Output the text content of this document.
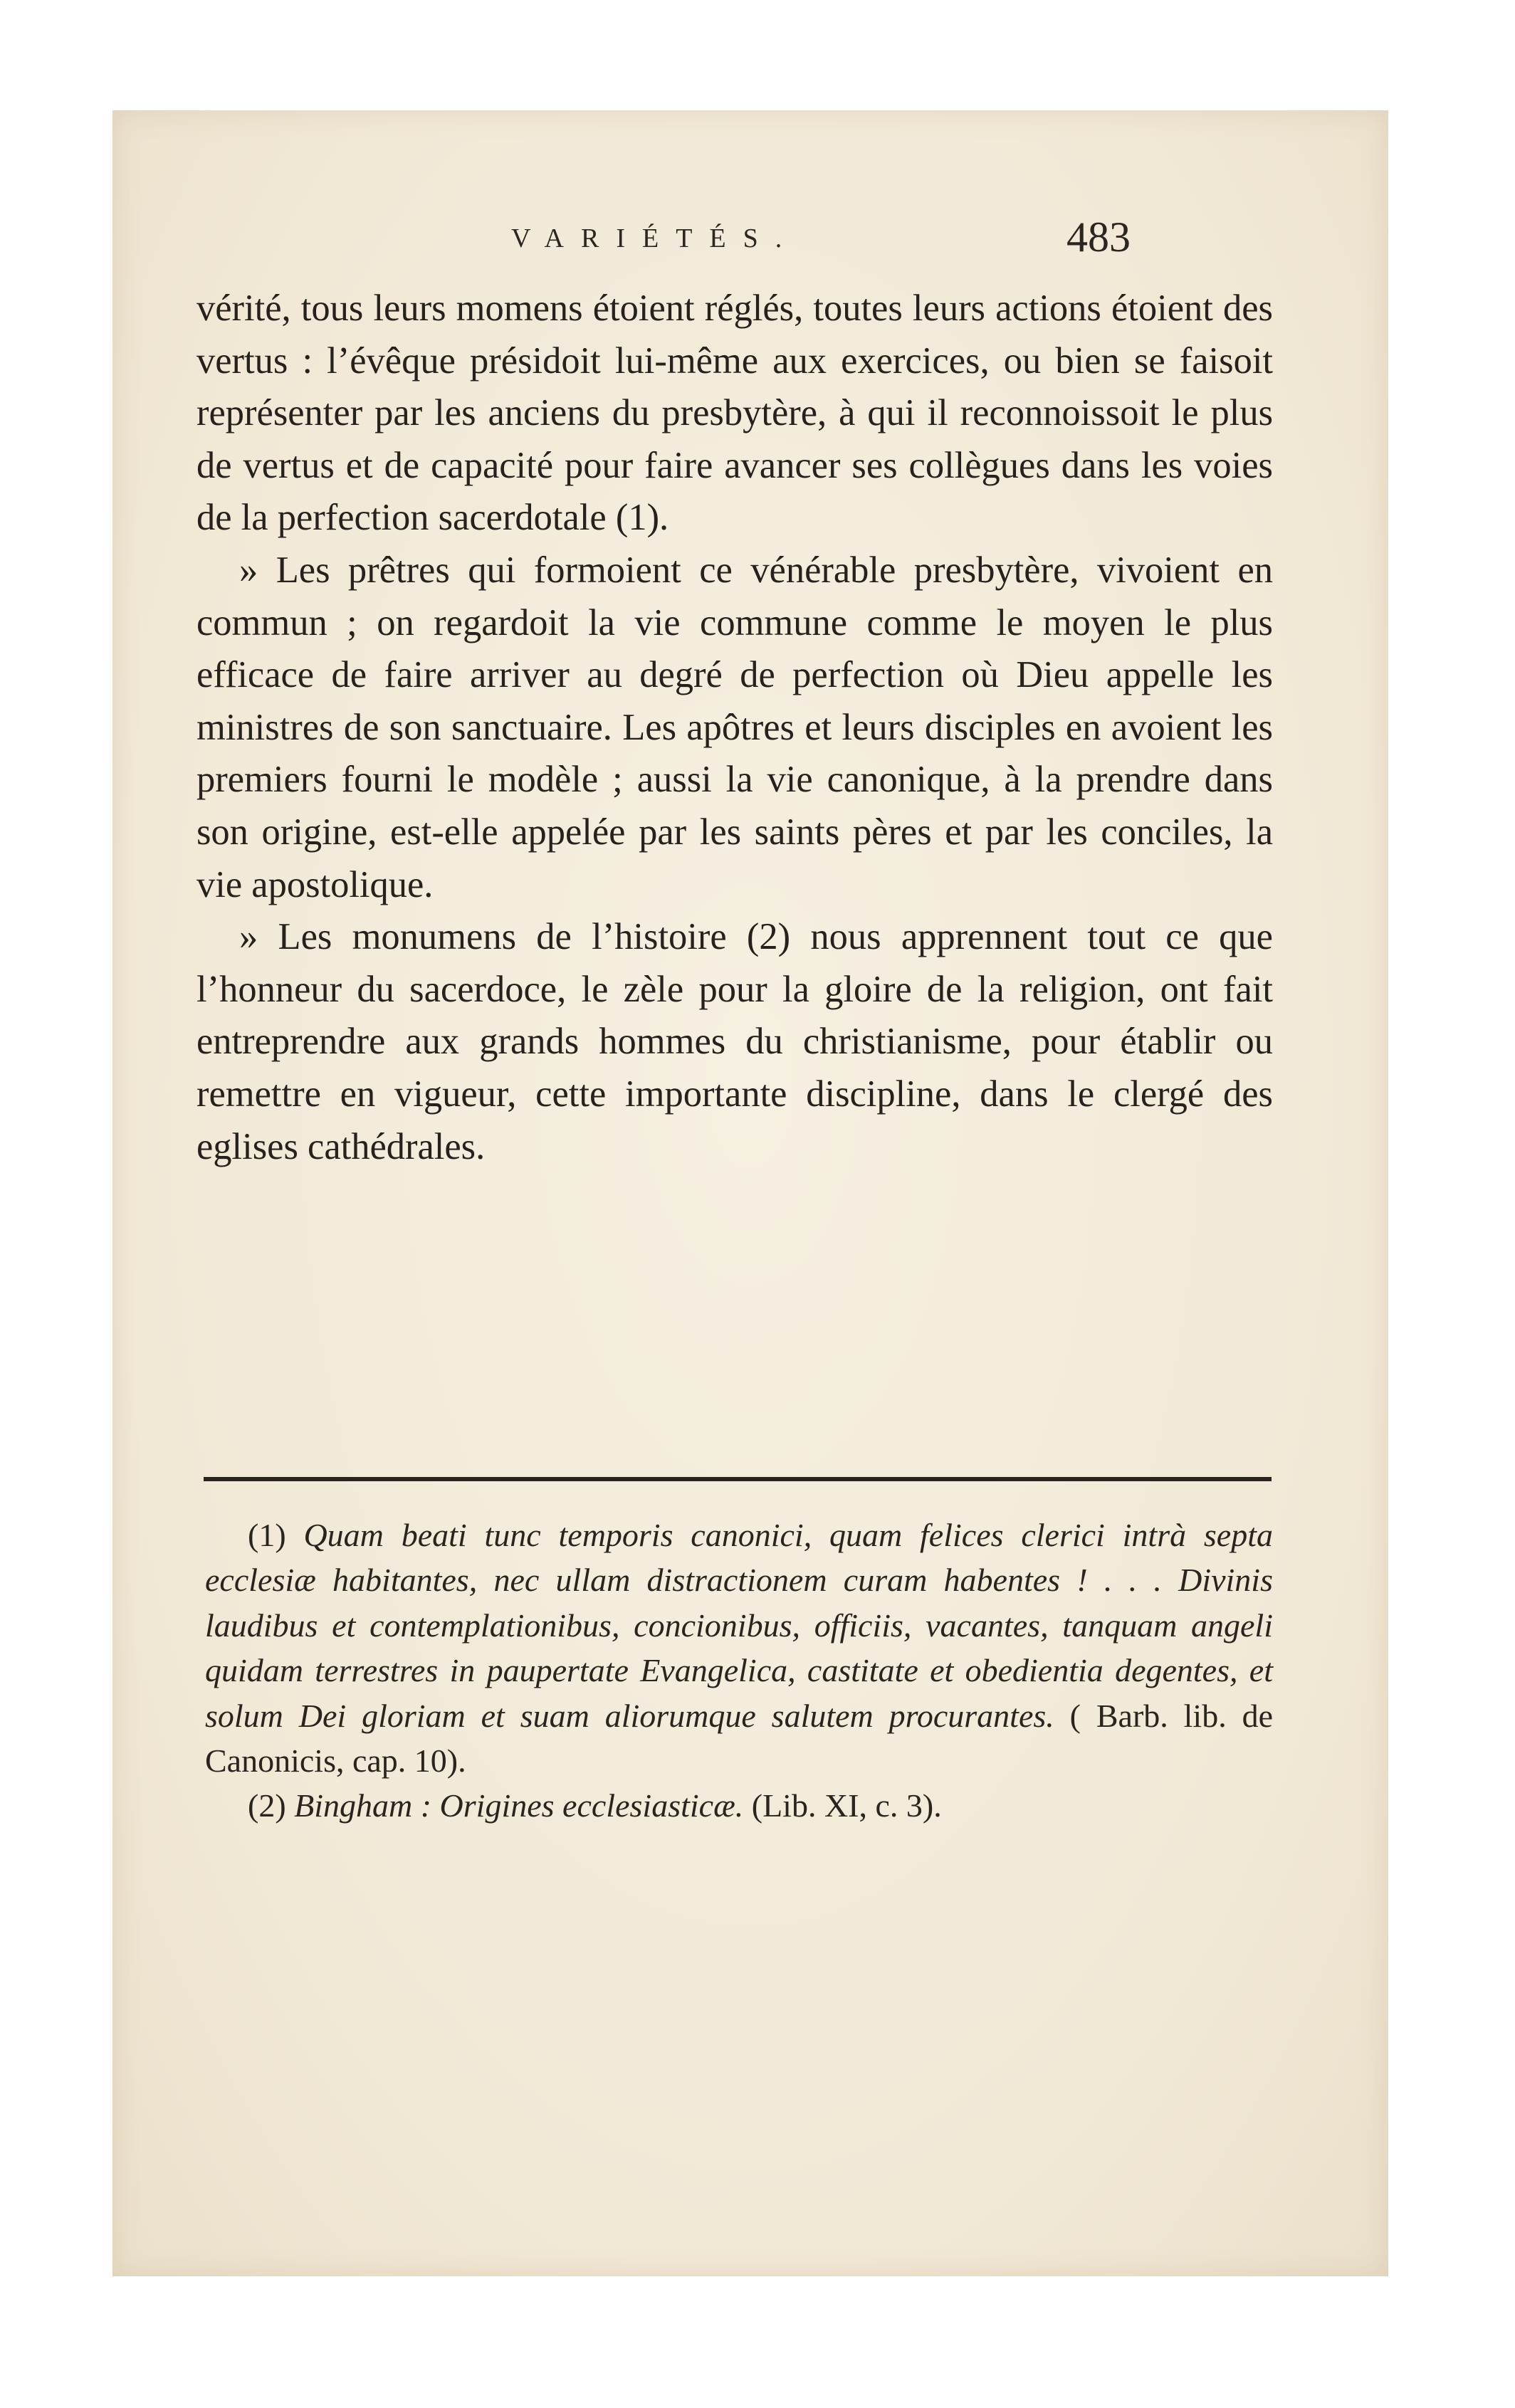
VARIÉTÉS.	483

vérité, tous leurs momens étoient réglés, toutes leurs actions étoient des vertus : l’évêque présidoit lui-même aux exercices, ou bien se faisoit représenter par les anciens du presbytère, à qui il reconnoissoit le plus de vertus et de capacité pour faire avancer ses collègues dans les voies de la perfection sacerdotale (1).

» Les prêtres qui formoient ce vénérable presbytère, vivoient en commun ; on regardoit la vie commune comme le moyen le plus efficace de faire arriver au degré de perfection où Dieu appelle les ministres de son sanctuaire. Les apôtres et leurs disciples en avoient les premiers fourni le modèle ; aussi la vie canonique, à la prendre dans son origine, est-elle appelée par les saints pères et par les conciles, la vie apostolique.

» Les monumens de l’histoire (2) nous apprennent tout ce que l’honneur du sacerdoce, le zèle pour la gloire de la religion, ont fait entreprendre aux grands hommes du christianisme, pour établir ou remettre en vigueur, cette importante discipline, dans le clergé des eglises cathédrales.

(1) Quam beati tunc temporis canonici, quam felices clerici intrà septa ecclesiæ habitantes, nec ullam distractionem curam habentes ! . . . Divinis laudibus et contemplationibus, concionibus, officiis, vacantes, tanquam angeli quidam terrestres in paupertate Evangelica, castitate et obedientia degentes, et solum Dei gloriam et suam aliorumque salutem procurantes. ( Barb. lib. de Canonicis, cap. 10).

(2) Bingham : Origines ecclesiasticæ. (Lib. XI, c. 3).
